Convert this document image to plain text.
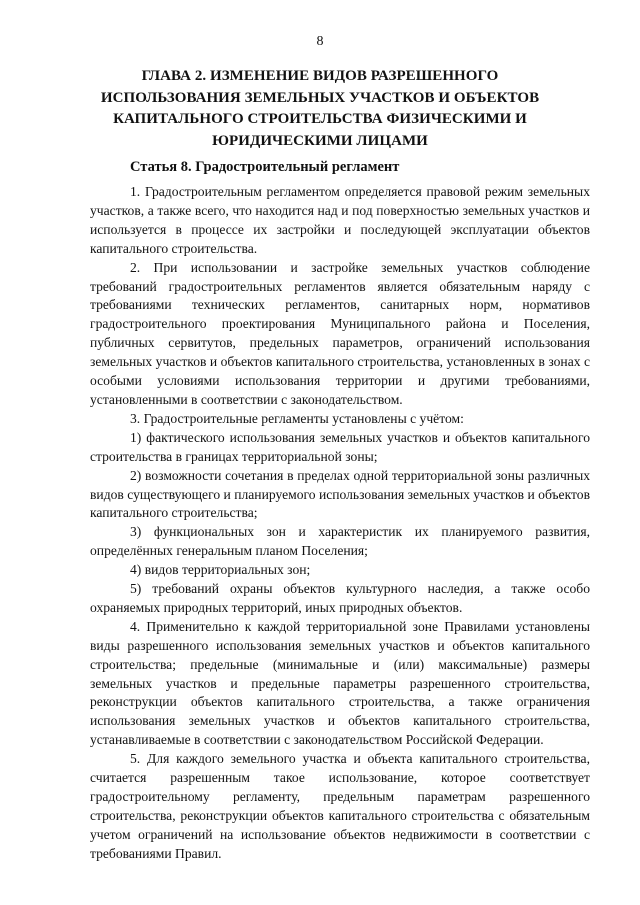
8
ГЛАВА 2. ИЗМЕНЕНИЕ ВИДОВ РАЗРЕШЕННОГО ИСПОЛЬЗОВАНИЯ ЗЕМЕЛЬНЫХ УЧАСТКОВ И ОБЪЕКТОВ КАПИТАЛЬНОГО СТРОИТЕЛЬСТВА ФИЗИЧЕСКИМИ И ЮРИДИЧЕСКИМИ ЛИЦАМИ
Статья 8. Градостроительный регламент

1. Градостроительным регламентом определяется правовой режим земельных участков, а также всего, что находится над и под поверхностью земельных участков и используется в процессе их застройки и последующей эксплуатации объектов капитального строительства.

2. При использовании и застройке земельных участков соблюдение требований градостроительных регламентов является обязательным наряду с требованиями технических регламентов, санитарных норм, нормативов градостроительного проектирования Муниципального района и Поселения, публичных сервитутов, предельных параметров, ограничений использования земельных участков и объектов капитального строительства, установленных в зонах с особыми условиями использования территории и другими требованиями, установленными в соответствии с законодательством.

3. Градостроительные регламенты установлены с учётом:

1) фактического использования земельных участков и объектов капитального строительства в границах территориальной зоны;

2) возможности сочетания в пределах одной территориальной зоны различных видов существующего и планируемого использования земельных участков и объектов капитального строительства;

3) функциональных зон и характеристик их планируемого развития, определённых генеральным планом Поселения;

4) видов территориальных зон;

5) требований охраны объектов культурного наследия, а также особо охраняемых природных территорий, иных природных объектов.

4. Применительно к каждой территориальной зоне Правилами установлены виды разрешенного использования земельных участков и объектов капитального строительства; предельные (минимальные и (или) максимальные) размеры земельных участков и предельные параметры разрешенного строительства, реконструкции объектов капитального строительства, а также ограничения использования земельных участков и объектов капитального строительства, устанавливаемые в соответствии с законодательством Российской Федерации.

5. Для каждого земельного участка и объекта капитального строительства, считается разрешенным такое использование, которое соответствует градостроительному регламенту, предельным параметрам разрешенного строительства, реконструкции объектов капитального строительства с обязательным учетом ограничений на использование объектов недвижимости в соответствии с требованиями Правил.
